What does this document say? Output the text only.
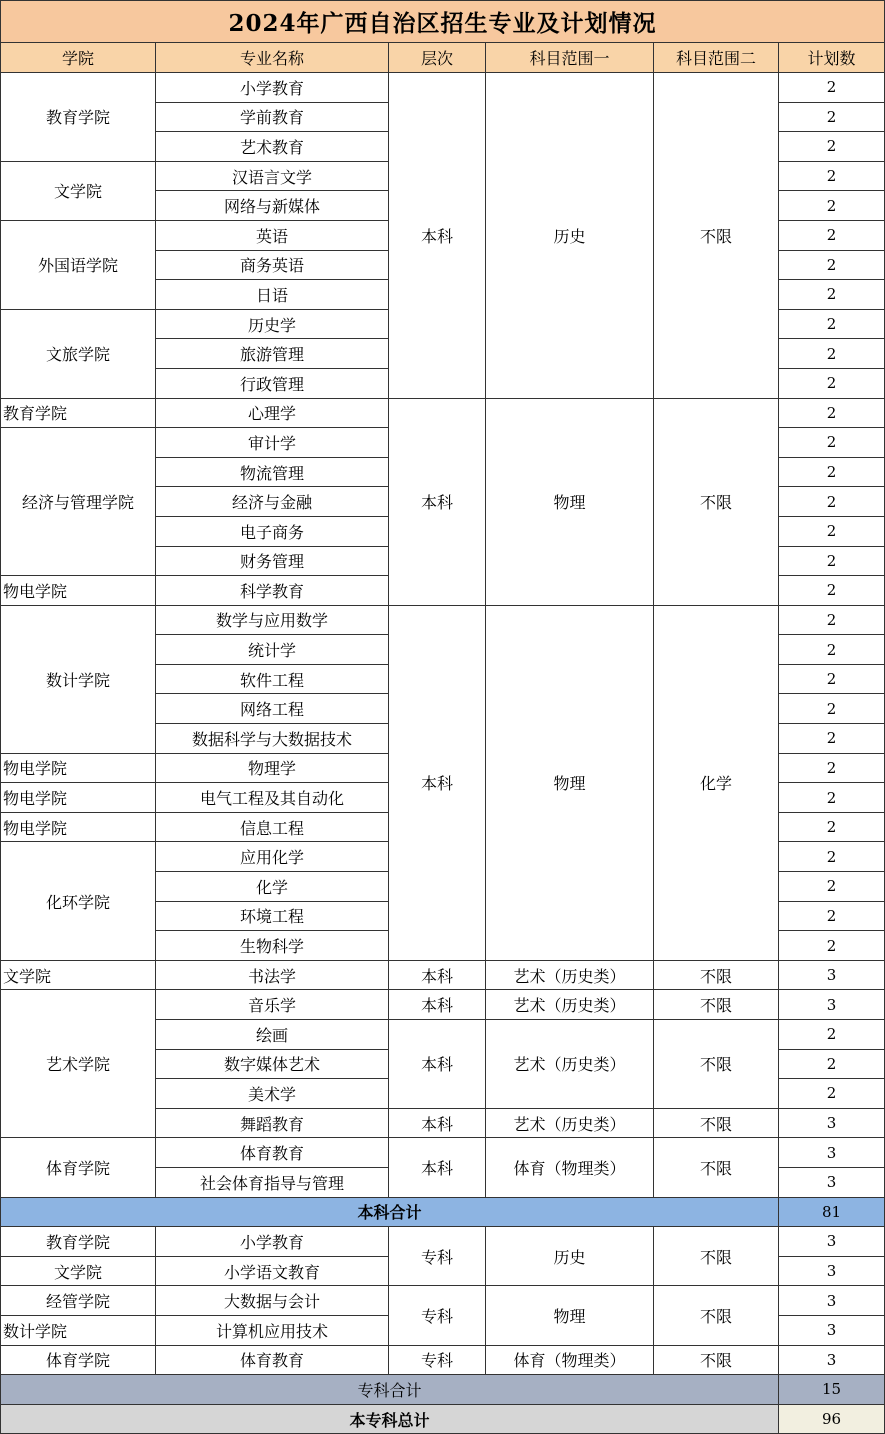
2024年广西自治区招生专业及计划情况					
学院	专业名称	层次	科目范围一	科目范围二	计划数
教育学院	小学教育	本科	历史	不限	2
	学前教育				2
	艺术教育				2
文学院	汉语言文学				2
	网络与新媒体				2
外国语学院	英语				2
	商务英语				2
	日语				2
文旅学院	历史学				2
	旅游管理				2
	行政管理				2
教育学院	心理学	本科	物理	不限	2
经济与管理学院	审计学				2
	物流管理				2
	经济与金融				2
	电子商务				2
	财务管理				2
物电学院	科学教育				2
数计学院	数学与应用数学	本科	物理	化学	2
	统计学				2
	软件工程				2
	网络工程				2
	数据科学与大数据技术				2
物电学院	物理学				2
物电学院	电气工程及其自动化				2
物电学院	信息工程				2
化环学院	应用化学				2
	化学				2
	环境工程				2
	生物科学				2
文学院	书法学	本科	艺术（历史类）	不限	3
艺术学院	音乐学	本科	艺术（历史类）	不限	3
	绘画	本科	艺术（历史类）	不限	2
	数字媒体艺术				2
	美术学				2
	舞蹈教育	本科	艺术（历史类）	不限	3
体育学院	体育教育	本科	体育（物理类）	不限	3
	社会体育指导与管理				3
本科合计					81
教育学院	小学教育	专科	历史	不限	3
文学院	小学语文教育				3
经管学院	大数据与会计	专科	物理	不限	3
数计学院	计算机应用技术				3
体育学院	体育教育	专科	体育（物理类）	不限	3
专科合计					15
本专科总计					96
